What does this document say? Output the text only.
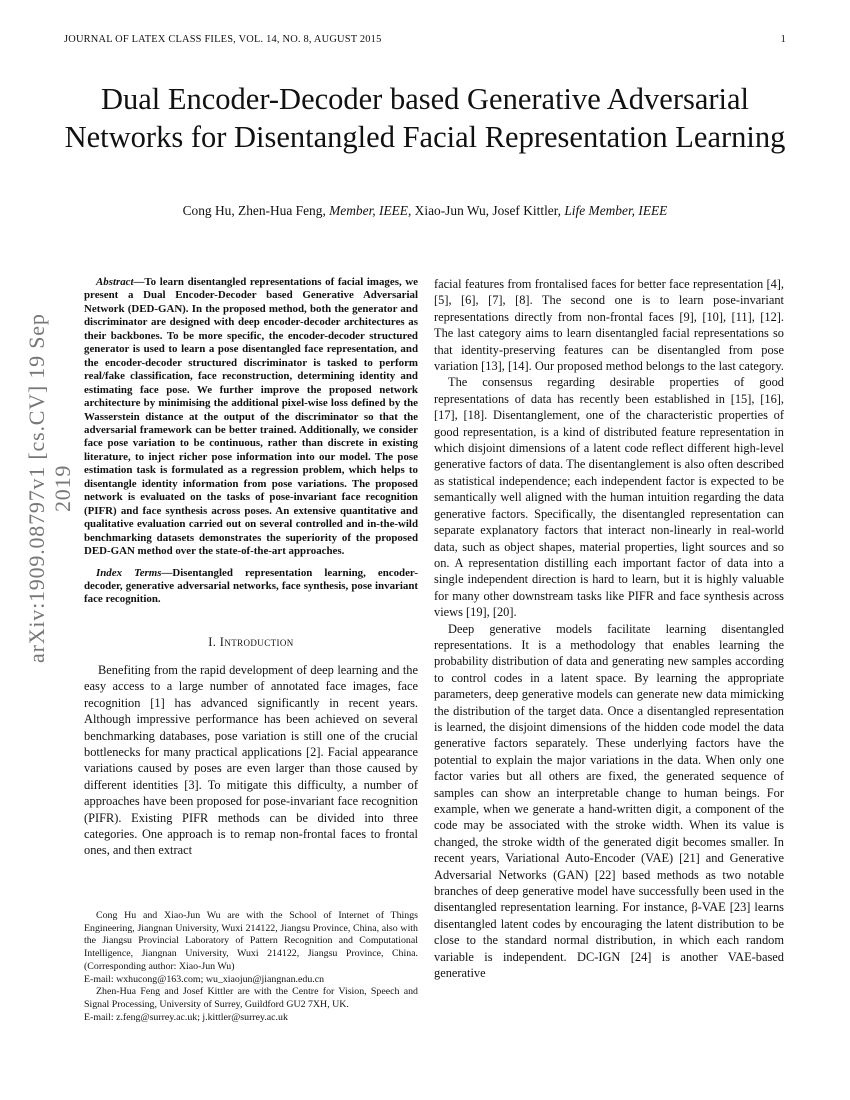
JOURNAL OF LATEX CLASS FILES, VOL. 14, NO. 8, AUGUST 2015	1
Dual Encoder-Decoder based Generative Adversarial Networks for Disentangled Facial Representation Learning
Cong Hu, Zhen-Hua Feng, Member, IEEE, Xiao-Jun Wu, Josef Kittler, Life Member, IEEE
arXiv:1909.08797v1 [cs.CV] 19 Sep 2019

Abstract—To learn disentangled representations of facial images, we present a Dual Encoder-Decoder based Generative Adversarial Network (DED-GAN). In the proposed method, both the generator and discriminator are designed with deep encoder-decoder architectures as their backbones. To be more specific, the encoder-decoder structured generator is used to learn a pose disentangled face representation, and the encoder-decoder structured discriminator is tasked to perform real/fake classification, face reconstruction, determining identity and estimating face pose. We further improve the proposed network architecture by minimising the additional pixel-wise loss defined by the Wasserstein distance at the output of the discriminator so that the adversarial framework can be better trained. Additionally, we consider face pose variation to be continuous, rather than discrete in existing literature, to inject richer pose information into our model. The pose estimation task is formulated as a regression problem, which helps to disentangle identity information from pose variations. The proposed network is evaluated on the tasks of pose-invariant face recognition (PIFR) and face synthesis across poses. An extensive quantitative and qualitative evaluation carried out on several controlled and in-the-wild benchmarking datasets demonstrates the superiority of the proposed DED-GAN method over the state-of-the-art approaches.

Index Terms—Disentangled representation learning, encoder-decoder, generative adversarial networks, face synthesis, pose invariant face recognition.

I. Introduction

Benefiting from the rapid development of deep learning and the easy access to a large number of annotated face images, face recognition [1] has advanced significantly in recent years. Although impressive performance has been achieved on several benchmarking databases, pose variation is still one of the crucial bottlenecks for many practical applications [2]. Facial appearance variations caused by poses are even larger than those caused by different identities [3]. To mitigate this difficulty, a number of approaches have been proposed for pose-invariant face recognition (PIFR). Existing PIFR methods can be divided into three categories. One approach is to remap non-frontal faces to frontal ones, and then extract

Cong Hu and Xiao-Jun Wu are with the School of Internet of Things Engineering, Jiangnan University, Wuxi 214122, Jiangsu Province, China, also with the Jiangsu Provincial Laboratory of Pattern Recognition and Computational Intelligence, Jiangnan University, Wuxi 214122, Jiangsu Province, China. (Corresponding author: Xiao-Jun Wu)

E-mail: wxhucong@163.com; wu_xiaojun@jiangnan.edu.cn

Zhen-Hua Feng and Josef Kittler are with the Centre for Vision, Speech and Signal Processing, University of Surrey, Guildford GU2 7XH, UK.

E-mail: z.feng@surrey.ac.uk; j.kittler@surrey.ac.uk

facial features from frontalised faces for better face representation [4], [5], [6], [7], [8]. The second one is to learn pose-invariant representations directly from non-frontal faces [9], [10], [11], [12]. The last category aims to learn disentangled facial representations so that identity-preserving features can be disentangled from pose variation [13], [14]. Our proposed method belongs to the last category.

The consensus regarding desirable properties of good representations of data has recently been established in [15], [16], [17], [18]. Disentanglement, one of the characteristic properties of good representation, is a kind of distributed feature representation in which disjoint dimensions of a latent code reflect different high-level generative factors of data. The disentanglement is also often described as statistical independence; each independent factor is expected to be semantically well aligned with the human intuition regarding the data generative factors. Specifically, the disentangled representation can separate explanatory factors that interact non-linearly in real-world data, such as object shapes, material properties, light sources and so on. A representation distilling each important factor of data into a single independent direction is hard to learn, but it is highly valuable for many other downstream tasks like PIFR and face synthesis across views [19], [20].

Deep generative models facilitate learning disentangled representations. It is a methodology that enables learning the probability distribution of data and generating new samples according to control codes in a latent space. By learning the appropriate parameters, deep generative models can generate new data mimicking the distribution of the target data. Once a disentangled representation is learned, the disjoint dimensions of the hidden code model the data generative factors separately. These underlying factors have the potential to explain the major variations in the data. When only one factor varies but all others are fixed, the generated sequence of samples can show an interpretable change to human beings. For example, when we generate a hand-written digit, a component of the code may be associated with the stroke width. When its value is changed, the stroke width of the generated digit becomes smaller. In recent years, Variational Auto-Encoder (VAE) [21] and Generative Adversarial Networks (GAN) [22] based methods as two notable branches of deep generative model have successfully been used in the disentangled representation learning. For instance, β-VAE [23] learns disentangled latent codes by encouraging the latent distribution to be close to the standard normal distribution, in which each random variable is independent. DC-IGN [24] is another VAE-based generative
